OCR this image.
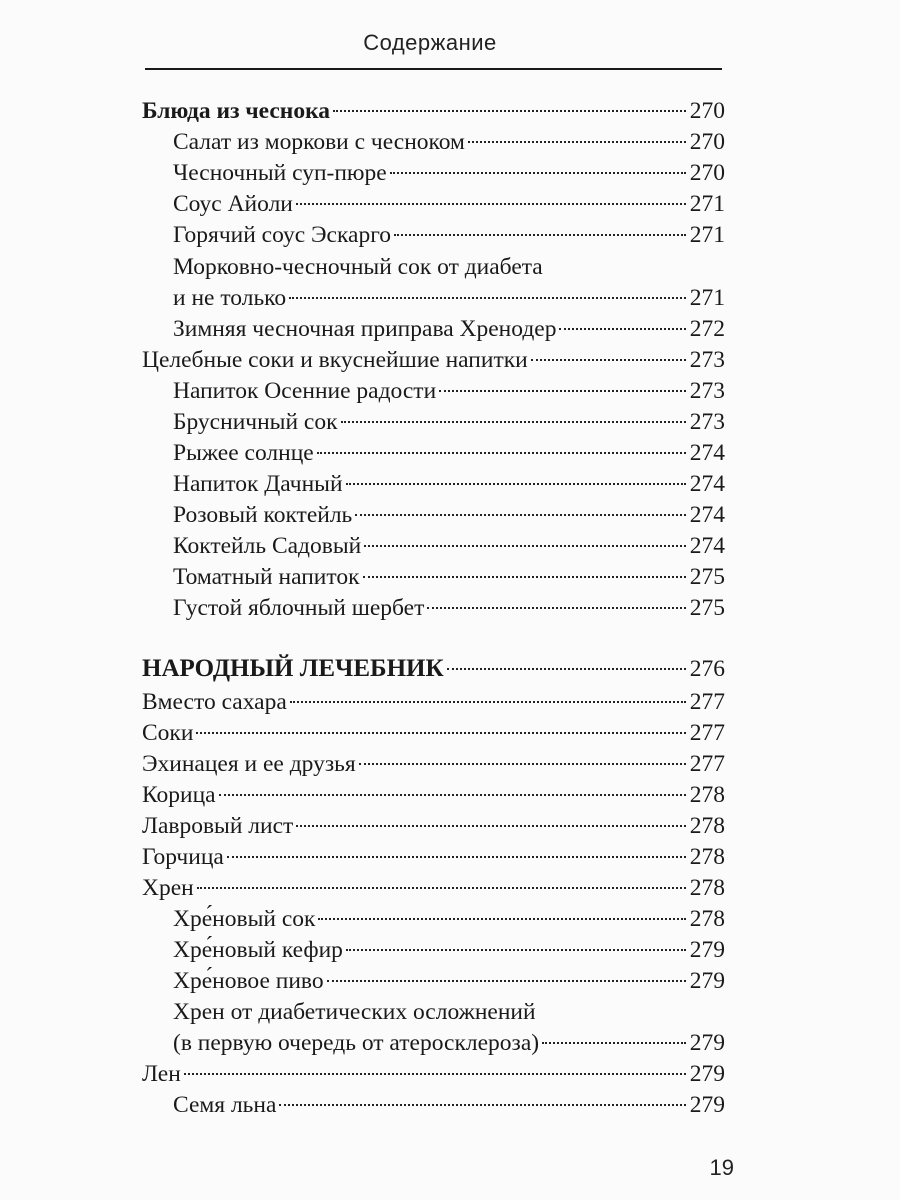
Содержание
Блюда из чеснока	270
Салат из моркови с чесноком	270
Чесночный суп-пюре	270
Соус Айоли	271
Горячий соус Эскарго	271
Морковно-чесночный сок от диабета
и не только	271
Зимняя чесночная приправа Хренодер	272
Целебные соки и вкуснейшие напитки	273
Напиток Осенние радости	273
Брусничный сок	273
Рыжее солнце	274
Напиток Дачный	274
Розовый коктейль	274
Коктейль Садовый	274
Томатный напиток	275
Густой яблочный шербет	275
НАРОДНЫЙ ЛЕЧЕБНИК	276
Вместо сахара	277
Соки	277
Эхинацея и ее друзья	277
Корица	278
Лавровый лист	278
Горчица	278
Хрен	278
Хре́новый сок	278
Хре́новый кефир	279
Хре́новое пиво	279
Хрен от диабетических осложнений
(в первую очередь от атеросклероза)	279
Лен	279
Семя льна	279
19
